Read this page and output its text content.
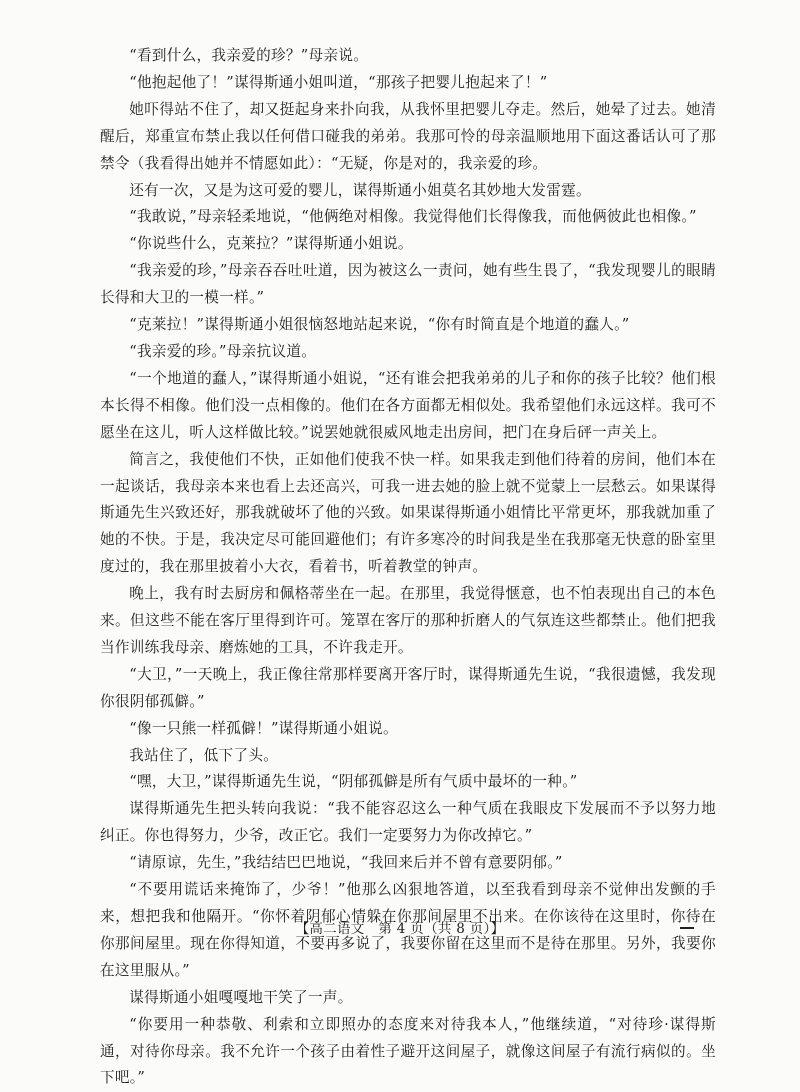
“看到什么，我亲爱的珍？”母亲说。

“他抱起他了！”谋得斯通小姐叫道，“那孩子把婴儿抱起来了！”

她吓得站不住了，却又挺起身来扑向我，从我怀里把婴儿夺走。然后，她晕了过去。她清醒后，郑重宣布禁止我以任何借口碰我的弟弟。我那可怜的母亲温顺地用下面这番话认可了那禁令（我看得出她并不情愿如此）：“无疑，你是对的，我亲爱的珍。

还有一次，又是为这可爱的婴儿，谋得斯通小姐莫名其妙地大发雷霆。

“我敢说，”母亲轻柔地说，“他俩绝对相像。我觉得他们长得像我，而他俩彼此也相像。”

“你说些什么，克莱拉？”谋得斯通小姐说。

“我亲爱的珍，”母亲吞吞吐吐道，因为被这么一责问，她有些生畏了，“我发现婴儿的眼睛长得和大卫的一模一样。”

“克莱拉！”谋得斯通小姐很恼怒地站起来说，“你有时简直是个地道的蠢人。”

“我亲爱的珍。”母亲抗议道。

“一个地道的蠢人，”谋得斯通小姐说，“还有谁会把我弟弟的儿子和你的孩子比较？他们根本长得不相像。他们没一点相像的。他们在各方面都无相似处。我希望他们永远这样。我可不愿坐在这儿，听人这样做比较。”说罢她就很威风地走出房间，把门在身后砰一声关上。

简言之，我使他们不快，正如他们使我不快一样。如果我走到他们待着的房间，他们本在一起谈话，我母亲本来也看上去还高兴，可我一进去她的脸上就不觉蒙上一层愁云。如果谋得斯通先生兴致还好，那我就破坏了他的兴致。如果谋得斯通小姐情比平常更坏，那我就加重了她的不快。于是，我决定尽可能回避他们；有许多寒冷的时间我是坐在我那毫无快意的卧室里度过的，我在那里披着小大衣，看着书，听着教堂的钟声。

晚上，我有时去厨房和佩格蒂坐在一起。在那里，我觉得惬意，也不怕表现出自己的本色来。但这些不能在客厅里得到许可。笼罩在客厅的那种折磨人的气氛连这些都禁止。他们把我当作训练我母亲、磨炼她的工具，不许我走开。

“大卫，”一天晚上，我正像往常那样要离开客厅时，谋得斯通先生说，“我很遗憾，我发现你很阴郁孤僻。”

“像一只熊一样孤僻！”谋得斯通小姐说。

我站住了，低下了头。

“嘿，大卫，”谋得斯通先生说，“阴郁孤僻是所有气质中最坏的一种。”

谋得斯通先生把头转向我说：“我不能容忍这么一种气质在我眼皮下发展而不予以努力地纠正。你也得努力，少爷，改正它。我们一定要努力为你改掉它。”

“请原谅，先生，”我结结巴巴地说，“我回来后并不曾有意要阴郁。”

“不要用谎话来掩饰了，少爷！”他那么凶狠地答道，以至我看到母亲不觉伸出发颤的手来，想把我和他隔开。“你怀着阴郁心情躲在你那间屋里不出来。在你该待在这里时，你待在你那间屋里。现在你得知道，不要再多说了，我要你留在这里而不是待在那里。另外，我要你在这里服从。”

谋得斯通小姐嘎嘎地干笑了一声。

“你要用一种恭敬、利索和立即照办的态度来对待我本人，”他继续道，“对待珍·谋得斯通，对待你母亲。我不允许一个孩子由着性子避开这间屋子，就像这间屋子有流行病似的。坐下吧。”

【高二语文　第 4 页（共 8 页）】
